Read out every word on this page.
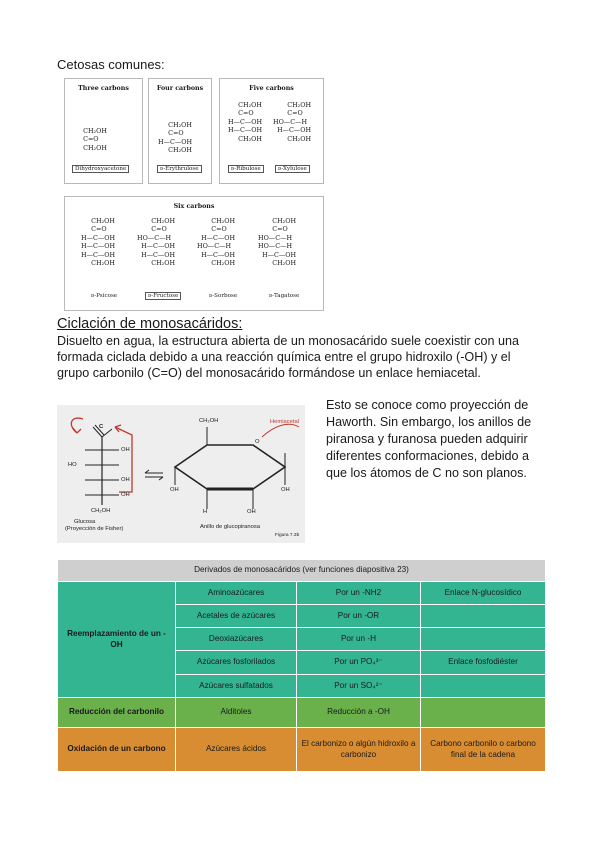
Cetosas comunes:
Three carbons
CH₂OH
C=O
CH₂OH
Dihydroxyacetone
Four carbons
CH₂OH
C=O
H—C—OH
CH₂OH
ᴅ-Erythrulose
Five carbons
CH₂OH
C=O
H—C—OH
H—C—OH
CH₂OH
CH₂OH
C=O
HO—C—H
H—C—OH
CH₂OH
ᴅ-Ribulose	ᴅ-Xylulose
Six carbons
CH₂OH
C=O
H—C—OH
H—C—OH
H—C—OH
CH₂OH
CH₂OH
C=O
HO—C—H
H—C—OH
H—C—OH
CH₂OH
CH₂OH
C=O
H—C—OH
HO—C—H
H—C—OH
CH₂OH
CH₂OH
C=O
HO—C—H
HO—C—H
H—C—OH
CH₂OH
ᴅ-Psicose	ᴅ-Fructose	ᴅ-Sorbose	ᴅ-Tagatose
Ciclación de monosacáridos:
Disuelto en agua, la estructura abierta de un monosacárido suele coexistir con una formada ciclada debido a una reacción química entre el grupo hidroxilo (-OH) y el grupo carbonilo (C=O) del monosacárido formándose un enlace hemiacetal.
C
OH
HO
OH
OH
CH₂OH
Glucosa
(Proyección de Fisher)
CH₂OH
O
Hemiacetal
OH
H	OH
OH
Anillo de glucopiranosa
Figura 7.3b
Esto se conoce como proyección de Haworth. Sin embargo, los anillos de piranosa y furanosa pueden adquirir diferentes conformaciones, debido a que los átomos de C no son planos.
Derivados de monosacáridos (ver funciones diapositiva 23)			
Reemplazamiento de un -OH	Aminoazúcares	Por un -NH2	Enlace N-glucosídico
	Acetales de azúcares	Por un -OR	
	Deoxiazúcares	Por un -H	
	Azúcares fosforilados	Por un PO₄³⁻	Enlace fosfodiéster
	Azúcares sulfatados	Por un SO₄²⁻	
Reducción del carbonilo	Alditoles	Reducción a -OH	
Oxidación de un carbono	Azúcares ácidos	El carbonizo o algún hidroxilo a carbonizo	Carbono carbonilo o carbono final de la cadena
